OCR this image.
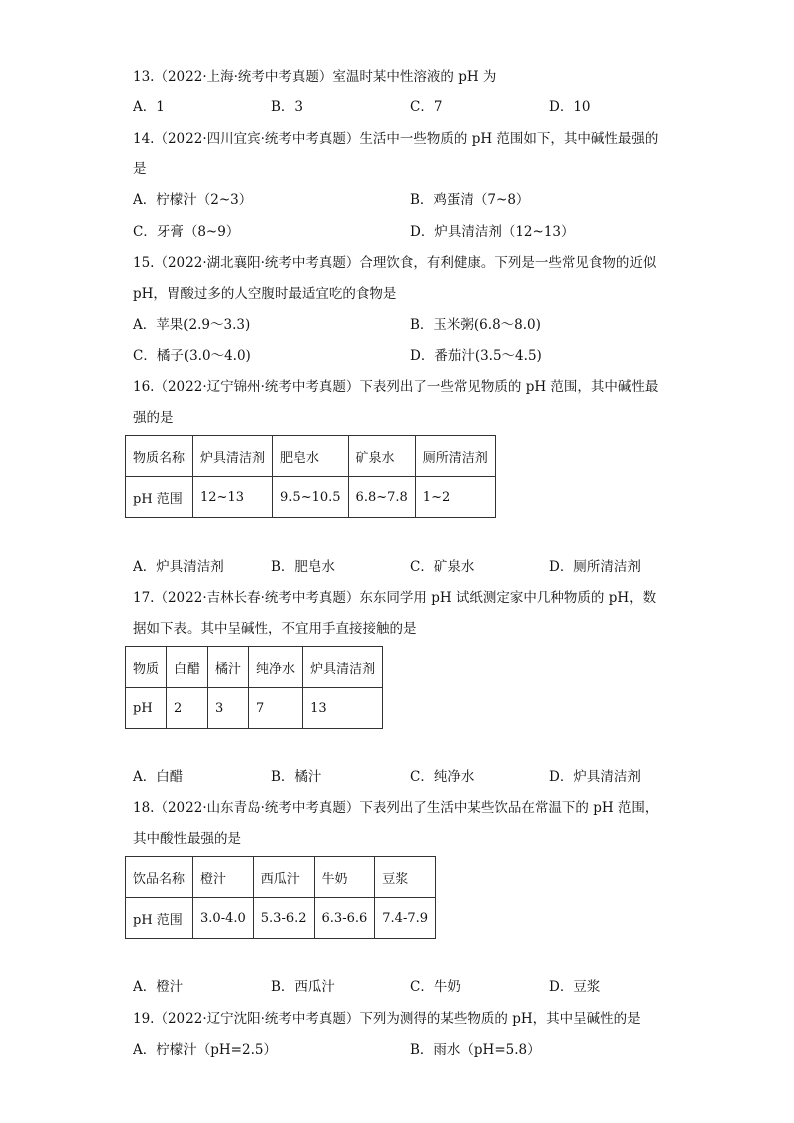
13.（2022·上海·统考中考真题）室温时某中性溶液的 pH 为
A．1	B．3	C．7	D．10
14.（2022·四川宜宾·统考中考真题）生活中一些物质的 pH 范围如下，其中碱性最强的
是
A．柠檬汁（2~3）	B．鸡蛋清（7~8）
C．牙膏（8~9）	D．炉具清洁剂（12~13）
15.（2022·湖北襄阳·统考中考真题）合理饮食，有利健康。下列是一些常见食物的近似
pH，胃酸过多的人空腹时最适宜吃的食物是
A．苹果(2.9～3.3)	B．玉米粥(6.8～8.0)
C．橘子(3.0～4.0)	D．番茄汁(3.5～4.5)
16.（2022·辽宁锦州·统考中考真题）下表列出了一些常见物质的 pH 范围，其中碱性最
强的是
物质名称	炉具清洁剂	肥皂水	矿泉水	厕所清洁剂
pH 范围	12~13	9.5~10.5	6.8~7.8	1~2
A．炉具清洁剂	B．肥皂水	C．矿泉水	D．厕所清洁剂
17.（2022·吉林长春·统考中考真题）东东同学用 pH 试纸测定家中几种物质的 pH，数
据如下表。其中呈碱性，不宜用手直接接触的是
物质	白醋	橘汁	纯净水	炉具清洁剂
pH	2	3	7	13
A．白醋	B．橘汁	C．纯净水	D．炉具清洁剂
18.（2022·山东青岛·统考中考真题）下表列出了生活中某些饮品在常温下的 pH 范围，
其中酸性最强的是
饮品名称	橙汁	西瓜汁	牛奶	豆浆
pH 范围	3.0-4.0	5.3-6.2	6.3-6.6	7.4-7.9
A．橙汁	B．西瓜汁	C．牛奶	D．豆浆
19.（2022·辽宁沈阳·统考中考真题）下列为测得的某些物质的 pH，其中呈碱性的是
A．柠檬汁（pH=2.5）	B．雨水（pH=5.8）
